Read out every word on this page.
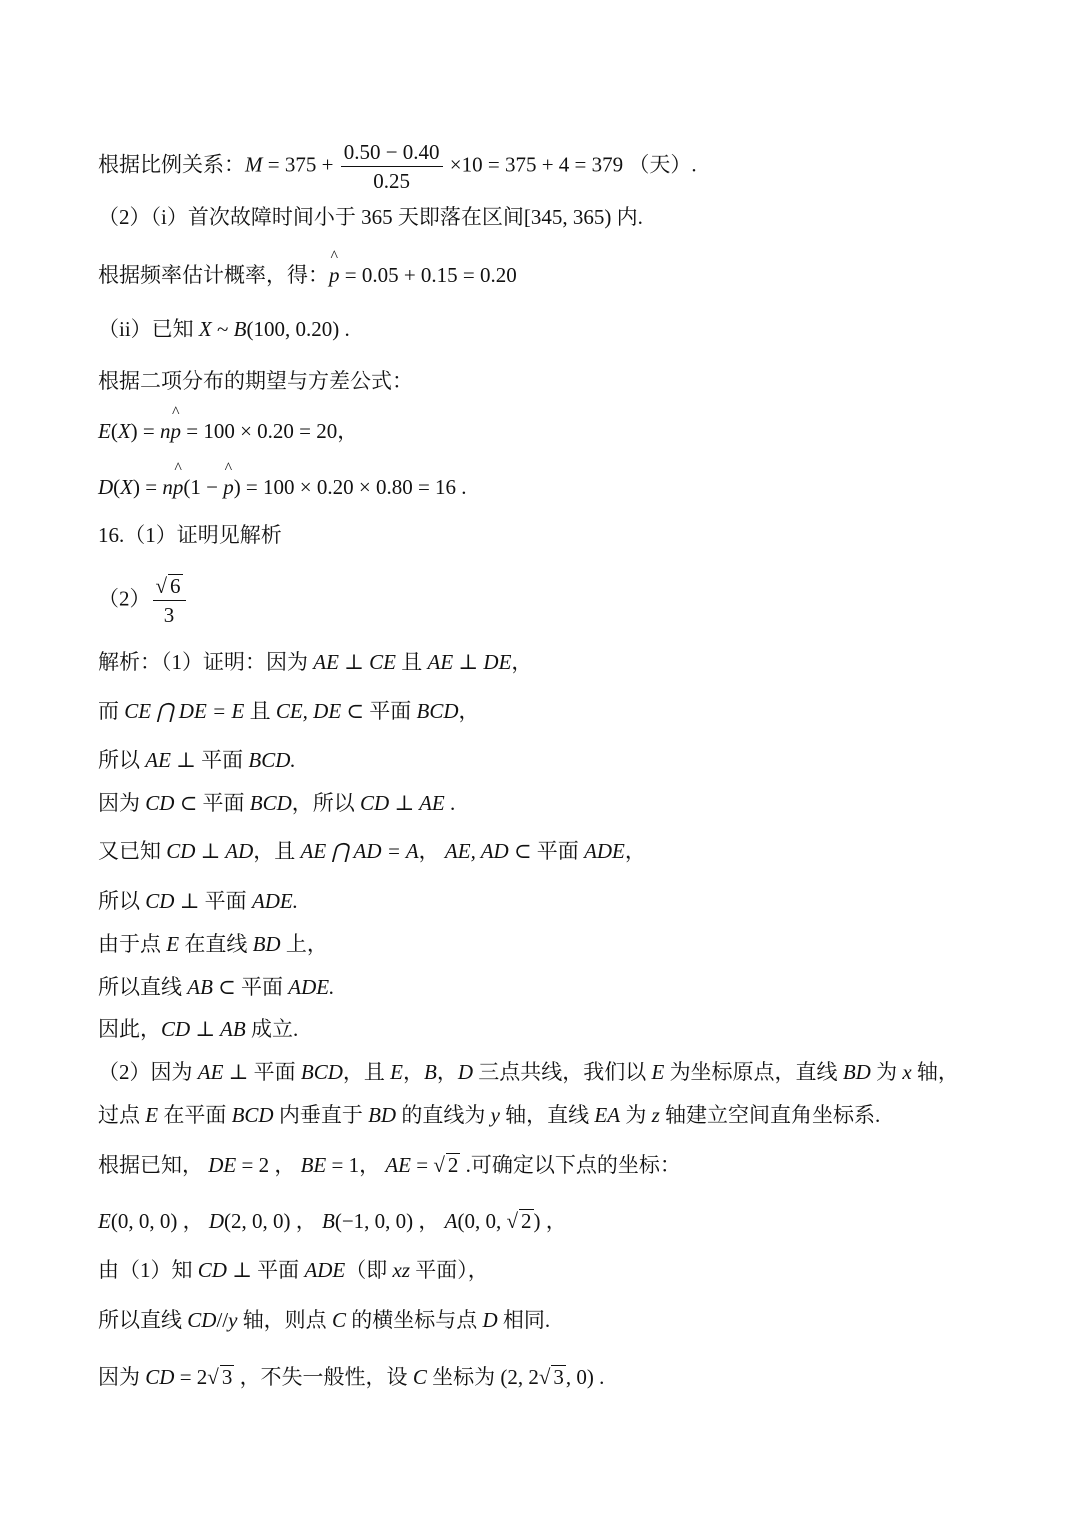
根据比例关系：$M = 375 + \frac{0.50 - 0.40}{0.25} \times 10 = 375 + 4 = 379$ （天）.
（2）（i）首次故障时间小于 365 天即落在区间[345, 365) 内.
根据频率估计概率，得：^ p = 0.05 + 0.15 = 0.20
（ii）已知 X ~ B(100, 0.20) .
根据二项分布的期望与方差公式：
E(X) = n^ p = 100 × 0.20 = 20，
D(X) = n^ p(1 − ^ p) = 100 × 0.20 × 0.80 = 16 .
16.（1）证明见解析
$(2) \frac{√ 6}{3}$
解析：（1）证明：因为 AE ⊥ CE 且 AE ⊥ DE，
而 CE ⋂ DE = E 且 CE, DE ⊂ 平面 BCD，
所以 AE ⊥ 平面 BCD.
因为 CD ⊂ 平面 BCD，所以 CD ⊥ AE .
又已知 CD ⊥ AD，且 AE ⋂ AD = A， AE, AD ⊂ 平面 ADE，
所以 CD ⊥ 平面 ADE.
由于点 E 在直线 BD 上，
所以直线 AB ⊂ 平面 ADE.
因此，CD ⊥ AB 成立.
（2）因为 AE ⊥ 平面 BCD，且 E，B，D 三点共线，我们以 E 为坐标原点，直线 BD 为 x 轴，
过点 E 在平面 BCD 内垂直于 BD 的直线为 y 轴，直线 EA 为 z 轴建立空间直角坐标系.
根据已知， DE = 2 ， BE = 1， AE = √ 2 .可确定以下点的坐标：
E(0, 0, 0) ， D(2, 0, 0) ， B(−1, 0, 0) ， A(0, 0, √ 2) ，
由（1）知 CD ⊥ 平面 ADE（即 xz 平面），
所以直线 CD//y 轴，则点 C 的横坐标与点 D 相同.
因为 CD = 2√ 3 ，不失一般性，设 C 坐标为 (2, 2√ 3, 0) .
